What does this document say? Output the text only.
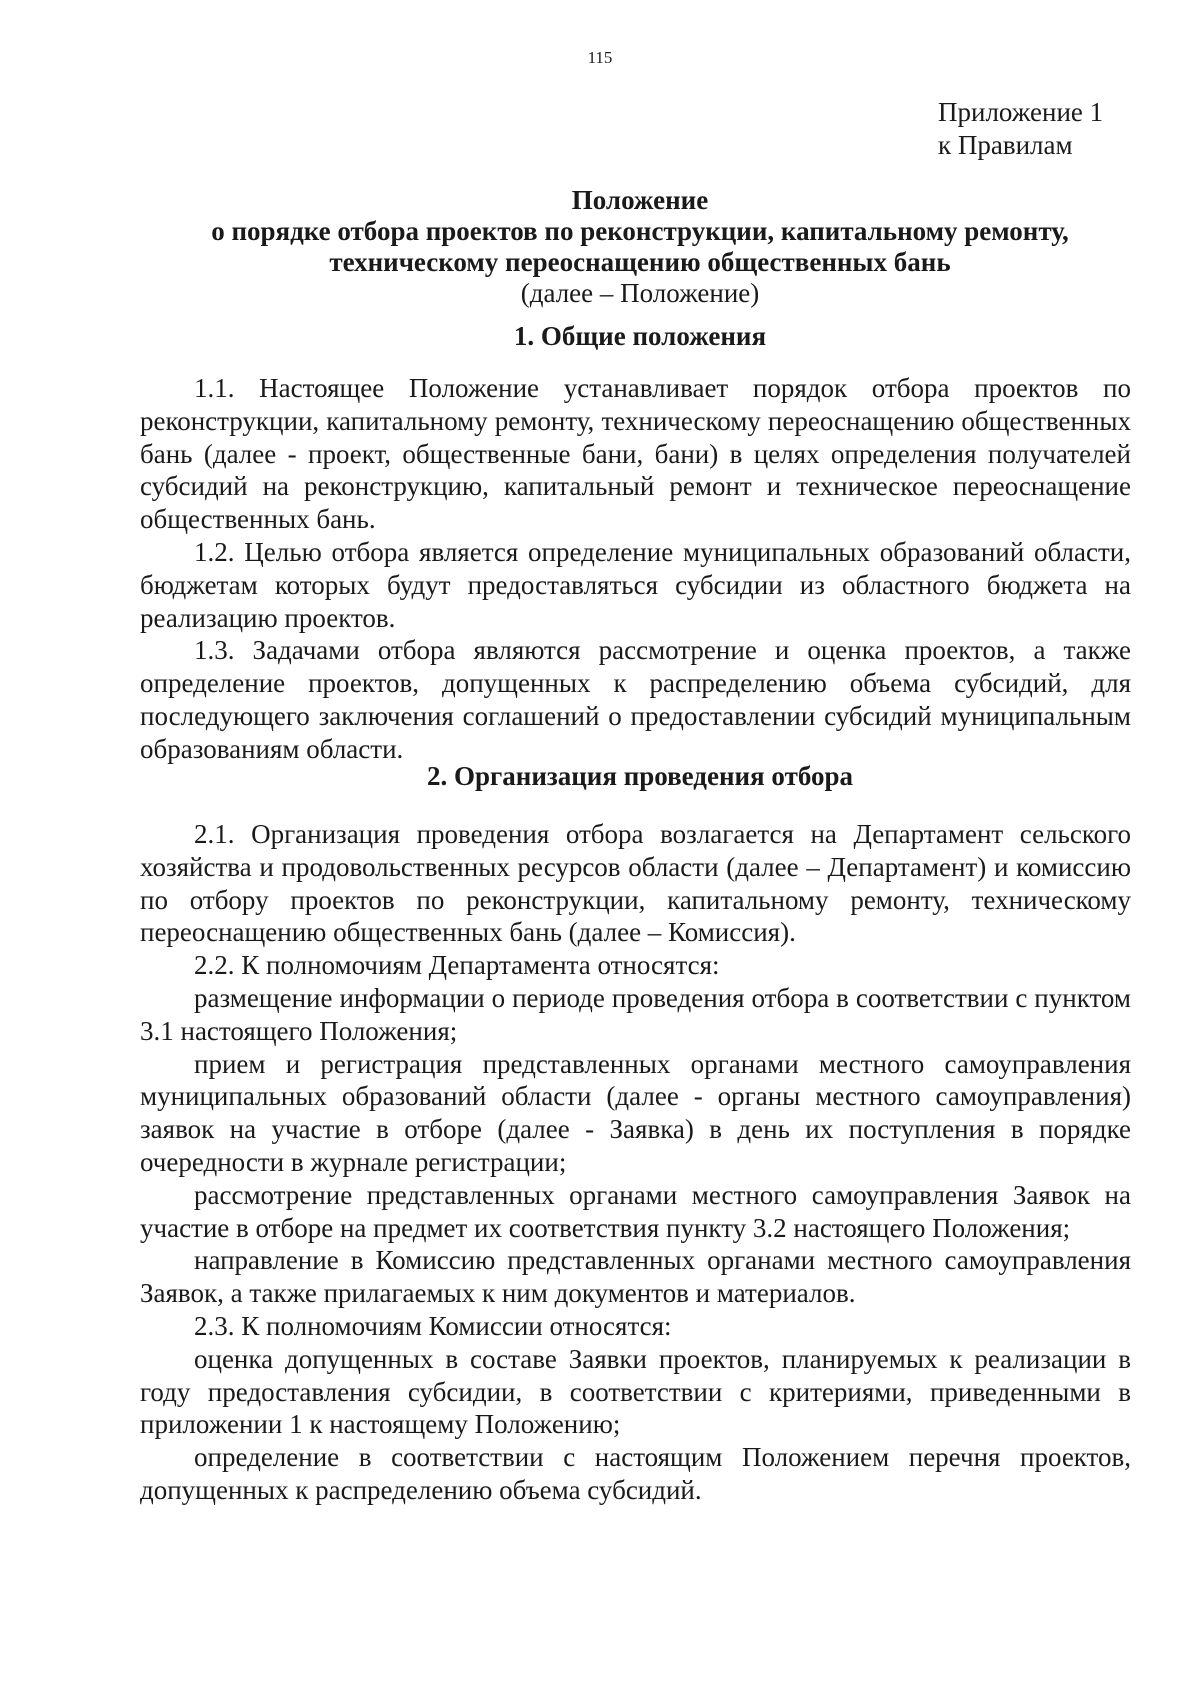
115
Приложение 1
к Правилам
Положение
о порядке отбора проектов по реконструкции, капитальному ремонту,
техническому переоснащению общественных бань
(далее – Положение)
1. Общие положения

1.1. Настоящее Положение устанавливает порядок отбора проектов по реконструкции, капитальному ремонту, техническому переоснащению общественных бань (далее - проект, общественные бани, бани) в целях определения получателей субсидий на реконструкцию, капитальный ремонт и техническое переоснащение общественных бань.

1.2. Целью отбора является определение муниципальных образований области, бюджетам которых будут предоставляться субсидии из областного бюджета на реализацию проектов.

1.3. Задачами отбора являются рассмотрение и оценка проектов, а также определение проектов, допущенных к распределению объема субсидий, для последующего заключения соглашений о предоставлении субсидий муниципальным образованиям области.

2. Организация проведения отбора

2.1. Организация проведения отбора возлагается на Департамент сельского хозяйства и продовольственных ресурсов области (далее – Департамент) и комиссию по отбору проектов по реконструкции, капитальному ремонту, техническому переоснащению общественных бань (далее – Комиссия).

2.2. К полномочиям Департамента относятся:

размещение информации о периоде проведения отбора в соответствии с пунктом 3.1 настоящего Положения;

прием и регистрация представленных органами местного самоуправления муниципальных образований области (далее - органы местного самоуправления) заявок на участие в отборе (далее - Заявка) в день их поступления в порядке очередности в журнале регистрации;

рассмотрение представленных органами местного самоуправления Заявок на участие в отборе на предмет их соответствия пункту 3.2 настоящего Положения;

направление в Комиссию представленных органами местного самоуправления Заявок, а также прилагаемых к ним документов и материалов.

2.3. К полномочиям Комиссии относятся:

оценка допущенных в составе Заявки проектов, планируемых к реализации в году предоставления субсидии, в соответствии с критериями, приведенными в приложении 1 к настоящему Положению;

определение в соответствии с настоящим Положением перечня проектов, допущенных к распределению объема субсидий.
